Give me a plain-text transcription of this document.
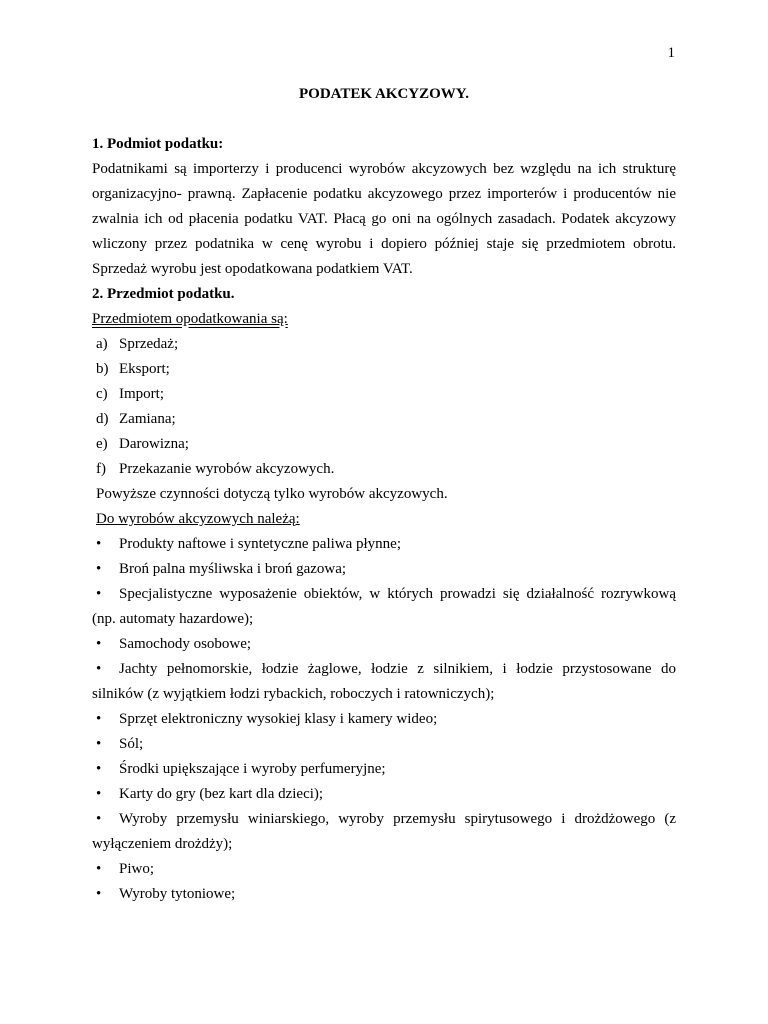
1
PODATEK AKCYZOWY.
1. Podmiot podatku:
Podatnikami są importerzy i producenci wyrobów akcyzowych bez względu na ich strukturę organizacyjno- prawną. Zapłacenie podatku akcyzowego przez importerów i producentów nie zwalnia ich od płacenia podatku VAT. Płacą go oni na ogólnych zasadach. Podatek akcyzowy wliczony przez podatnika w cenę wyrobu i dopiero później staje się przedmiotem obrotu. Sprzedaż wyrobu jest opodatkowana podatkiem VAT.
2. Przedmiot podatku.
Przedmiotem opodatkowania są:
a) Sprzedaż;
b) Eksport;
c) Import;
d) Zamiana;
e) Darowizna;
f) Przekazanie wyrobów akcyzowych.
Powyższe czynności dotyczą tylko wyrobów akcyzowych.
Do wyrobów akcyzowych należą:
•	Produkty naftowe i syntetyczne paliwa płynne;
•	Broń palna myśliwska i broń gazowa;
•	Specjalistyczne wyposażenie obiektów, w których prowadzi się działalność rozrywkową
(np. automaty hazardowe);
•	Samochody osobowe;
•	Jachty pełnomorskie, łodzie żaglowe, łodzie z silnikiem, i łodzie przystosowane do
silników (z wyjątkiem łodzi rybackich, roboczych i ratowniczych);
•	Sprzęt elektroniczny wysokiej klasy i kamery wideo;
•	Sól;
•	Środki upiększające i wyroby perfumeryjne;
•	Karty do gry (bez kart dla dzieci);
•	Wyroby przemysłu winiarskiego, wyroby przemysłu spirytusowego i drożdżowego (z
wyłączeniem drożdży);
•	Piwo;
•	Wyroby tytoniowe;
